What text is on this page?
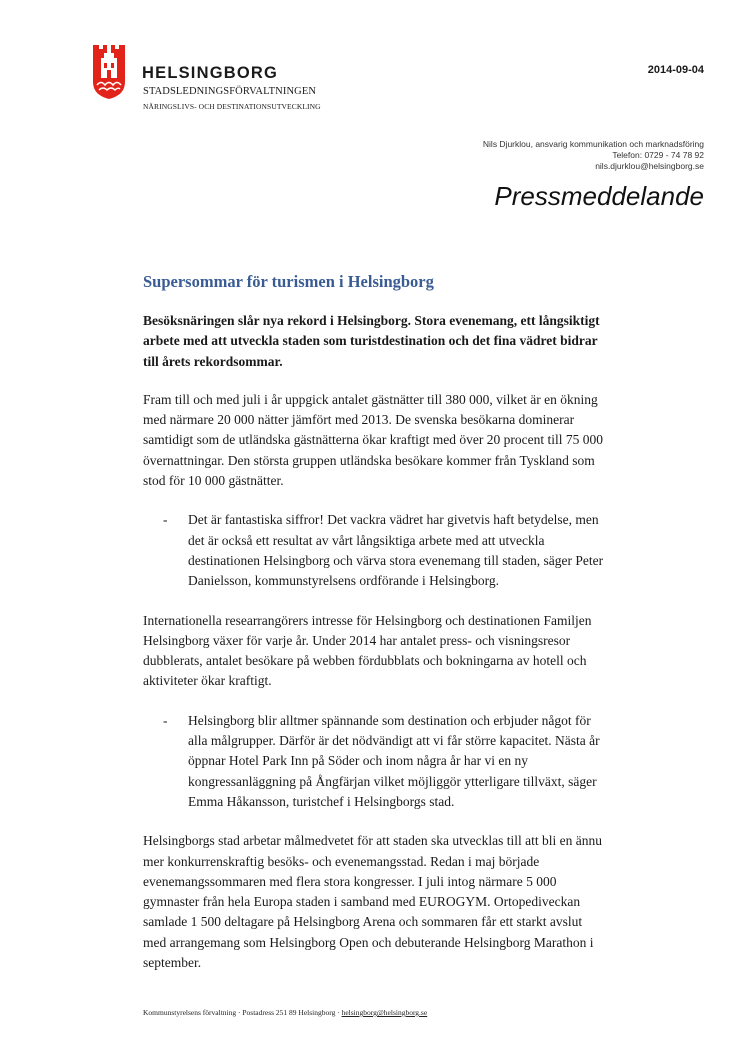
HELSINGBORG
STADSLEDNINGSFÖRVALTNINGEN
NÄRINGSLIVS- OCH DESTINATIONSUTVECKLING
2014-09-04
Nils Djurklou, ansvarig kommunikation och marknadsföring
Telefon: 0729 - 74 78 92
nils.djurklou@helsingborg.se
Pressmeddelande
Supersommar för turismen i Helsingborg

Besöksnäringen slår nya rekord i Helsingborg. Stora evenemang, ett långsiktigt arbete med att utveckla staden som turistdestination och det fina vädret bidrar till årets rekordsommar.

Fram till och med juli i år uppgick antalet gästnätter till 380 000, vilket är en ökning med närmare 20 000 nätter jämfört med 2013. De svenska besökarna dominerar samtidigt som de utländska gästnätterna ökar kraftigt med över 20 procent till 75 000 övernattningar. Den största gruppen utländska besökare kommer från Tyskland som stod för 10 000 gästnätter.

- Det är fantastiska siffror! Det vackra vädret har givetvis haft betydelse, men det är också ett resultat av vårt långsiktiga arbete med att utveckla destinationen Helsingborg och värva stora evenemang till staden, säger Peter Danielsson, kommunstyrelsens ordförande i Helsingborg.

Internationella researrangörers intresse för Helsingborg och destinationen Familjen Helsingborg växer för varje år. Under 2014 har antalet press- och visningsresor dubblerats, antalet besökare på webben fördubblats och bokningarna av hotell och aktiviteter ökar kraftigt.

- Helsingborg blir alltmer spännande som destination och erbjuder något för alla målgrupper. Därför är det nödvändigt att vi får större kapacitet. Nästa år öppnar Hotel Park Inn på Söder och inom några år har vi en ny kongressanläggning på Ångfärjan vilket möjliggör ytterligare tillväxt, säger Emma Håkansson, turistchef i Helsingborgs stad.

Helsingborgs stad arbetar målmedvetet för att staden ska utvecklas till att bli en ännu mer konkurrenskraftig besöks- och evenemangsstad. Redan i maj började evenemangssommaren med flera stora kongresser. I juli intog närmare 5 000 gymnaster från hela Europa staden i samband med EUROGYM. Ortopediveckan samlade 1 500 deltagare på Helsingborg Arena och sommaren får ett starkt avslut med arrangemang som Helsingborg Open och debuterande Helsingborg Marathon i september.

Kommunstyrelsens förvaltning · Postadress 251 89 Helsingborg · helsingborg@helsingborg.se
